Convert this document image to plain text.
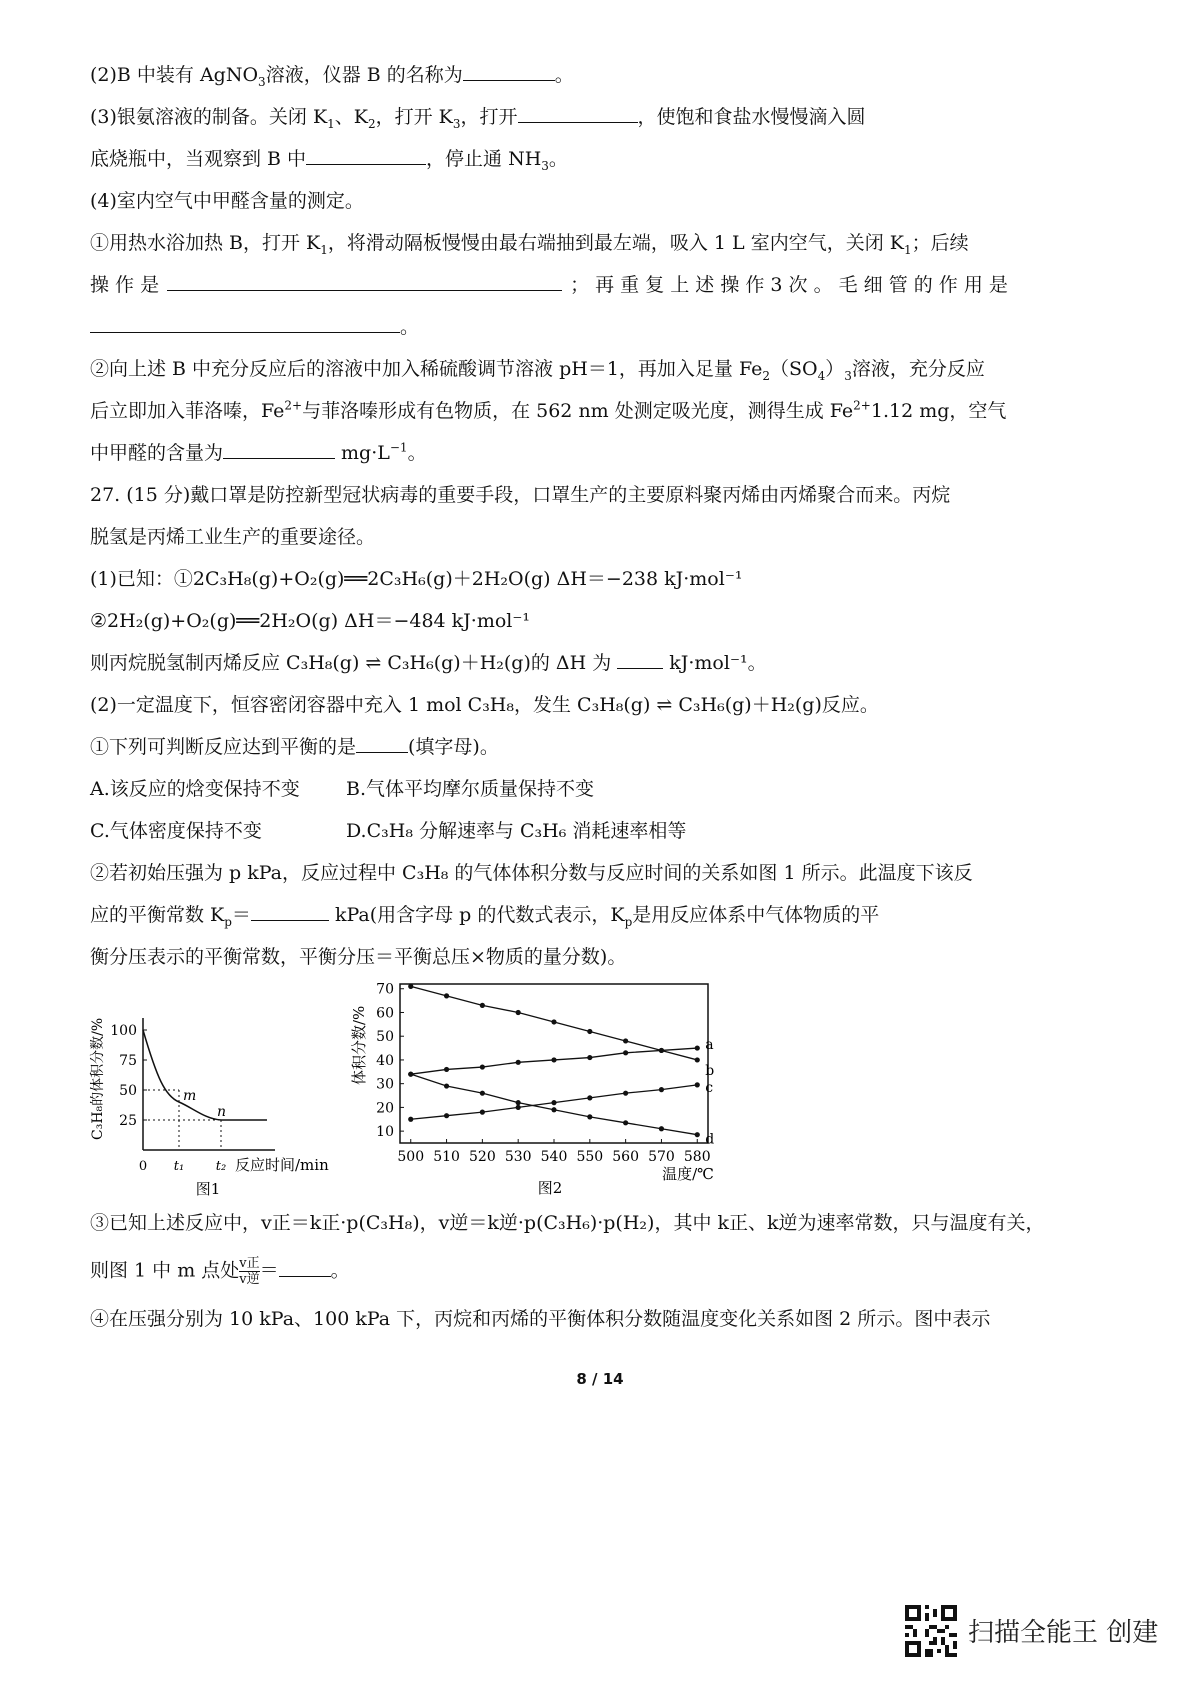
(2)B 中装有 AgNO$_3$溶液，仪器 B 的名称为	。
(3)银氨溶液的制备。关闭 $K_1$、$K_2$，打开 $K_3$，打开	，使饱和食盐水慢慢滴入圆
底烧瓶中，当观察到 B 中	，停止通 $NH_3$。
(4)室内空气中甲醛含量的测定。
①用热水浴加热 B，打开 $K_1$，将滑动隔板慢慢由最右端抽到最左端，吸入 1 L 室内空气，关闭 $K_1$；后续
操 作 是	； 再 重 复 上 述 操 作 3 次 。 毛 细 管 的 作 用 是
。
②向上述 B 中充分反应后的溶液中加入稀硫酸调节溶液 pH＝1，再加入足量 $Fe_2(SO_4)_3$溶液，充分反应
后立即加入菲洛嗪，$Fe^{2+}$与菲洛嗪形成有色物质，在 562 nm 处测定吸光度，测得生成 $Fe^{2+}1.12$ mg，空气
中甲醛的含量为	$mg\cdot L^{-1}$。
27. (15 分)戴口罩是防控新型冠状病毒的重要手段，口罩生产的主要原料聚丙烯由丙烯聚合而来。丙烷
脱氢是丙烯工业生产的重要途径。
(1)已知：①2C₃H₈(g)+O₂(g)══2C₃H₆(g)＋2H₂O(g) ΔH＝−238 kJ·mol⁻¹
②2H₂(g)+O₂(g)══2H₂O(g) ΔH＝−484 kJ·mol⁻¹
则丙烷脱氢制丙烯反应 C₃H₈(g) ⇌ C₃H₆(g)＋H₂(g)的 ΔH 为	kJ·mol⁻¹。
(2)一定温度下，恒容密闭容器中充入 1 mol C₃H₈，发生 C₃H₈(g) ⇌ C₃H₆(g)＋H₂(g)反应。
①下列可判断反应达到平衡的是	(填字母)。
A.该反应的焓变保持不变 B.气体平均摩尔质量保持不变
C.气体密度保持不变	D.C₃H₈ 分解速率与 C₃H₆ 消耗速率相等
②若初始压强为 p kPa，反应过程中 C₃H₈ 的气体体积分数与反应时间的关系如图 1 所示。此温度下该反
应的平衡常数 $K_p=$	kPa(用含字母 p 的代数式表示，$K_p$是用反应体系中气体物质的平
衡分压表示的平衡常数，平衡分压＝平衡总压×物质的量分数)。
100
75
50
25
0 t₁ t₂ 反应时间/min
C₃H₈的体积分数/%	m
n
图1
70
60
50
40
30
20
10
500 510 520 530 540 550 560 570 580
温度/℃
体积分数/%	a
b
c
d
图2
③已知上述反应中，v正＝k正·p(C₃H₈)，v逆＝k逆·p(C₃H₆)·p(H₂)，其中 k正、k逆为速率常数，只与温度有关，
则图 1 中 m 点处 $\frac{\text{v正}}{\text{v逆}}$ ＝	。
④在压强分别为 10 kPa、100 kPa 下，丙烷和丙烯的平衡体积分数随温度变化关系如图 2 所示。图中表示
8 / 14
扫描全能王 创建
